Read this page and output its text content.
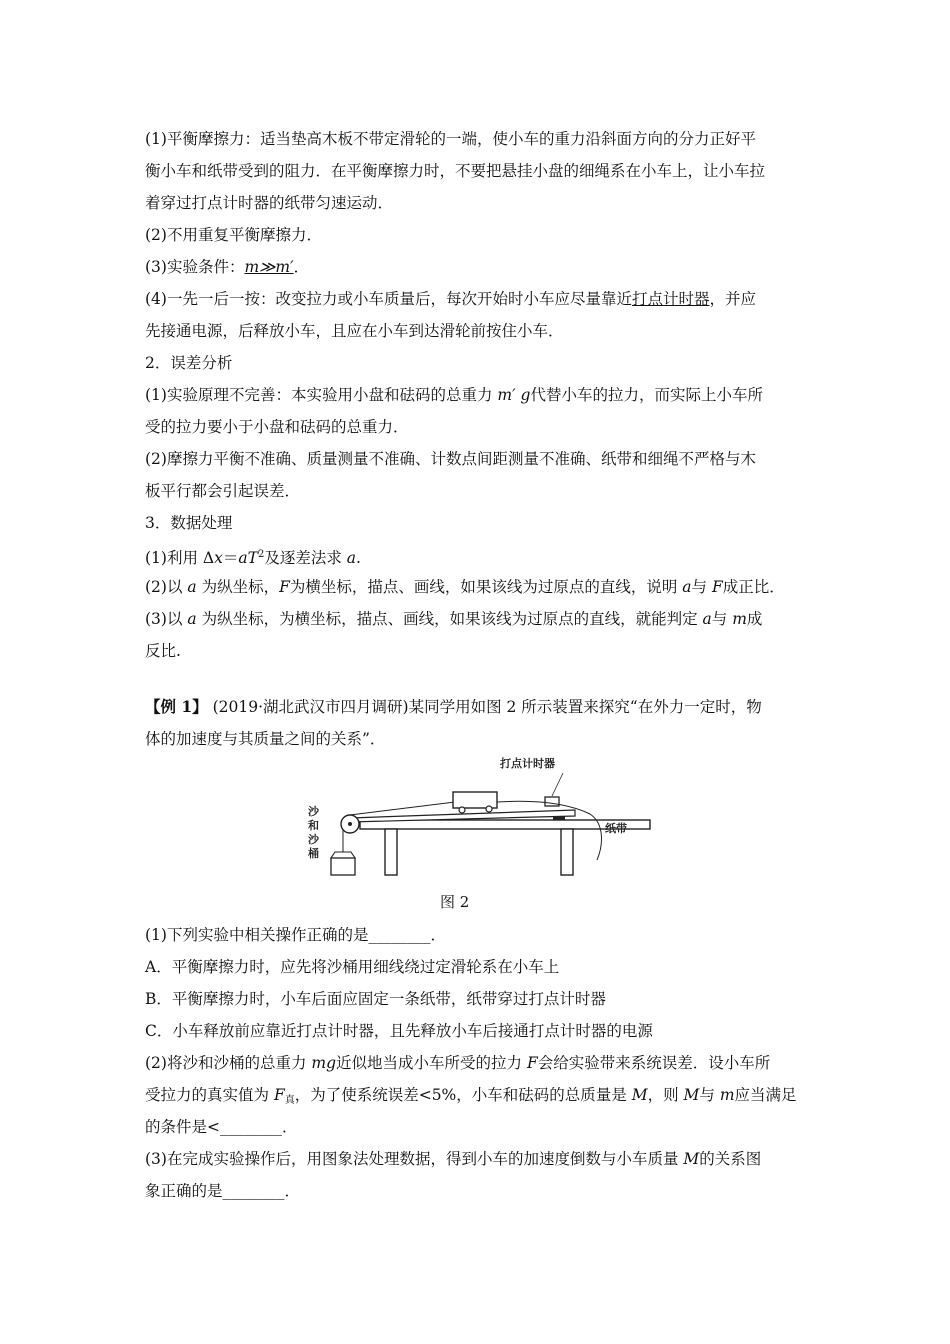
(1)平衡摩擦力：适当垫高木板不带定滑轮的一端，使小车的重力沿斜面方向的分力正好平
衡小车和纸带受到的阻力．在平衡摩擦力时，不要把悬挂小盘的细绳系在小车上，让小车拉
着穿过打点计时器的纸带匀速运动．
(2)不用重复平衡摩擦力．
(3)实验条件：m≫m′．
(4)一先一后一按：改变拉力或小车质量后，每次开始时小车应尽量靠近打点计时器，并应
先接通电源，后释放小车，且应在小车到达滑轮前按住小车．
2．误差分析
(1)实验原理不完善：本实验用小盘和砝码的总重力 m′ g代替小车的拉力，而实际上小车所
受的拉力要小于小盘和砝码的总重力．
(2)摩擦力平衡不准确、质量测量不准确、计数点间距测量不准确、纸带和细绳不严格与木
板平行都会引起误差．
3．数据处理
(1)利用 $\Delta x=aT^2$及逐差法求 a.
(2)以 a 为纵坐标，F为横坐标，描点、画线，如果该线为过原点的直线，说明 a与 F成正比．
(3)以 a 为纵坐标，为横坐标，描点、画线，如果该线为过原点的直线，就能判定 a与 m成
反比.
【例 1】 (2019·湖北武汉市四月调研)某同学用如图 2 所示装置来探究“在外力一定时，物
体的加速度与其质量之间的关系”．
打点计时器
沙
和
沙
桶
纸带
图 2
(1)下列实验中相关操作正确的是________．
A．平衡摩擦力时，应先将沙桶用细线绕过定滑轮系在小车上
B．平衡摩擦力时，小车后面应固定一条纸带，纸带穿过打点计时器
C．小车释放前应靠近打点计时器，且先释放小车后接通打点计时器的电源
(2)将沙和沙桶的总重力 mg近似地当成小车所受的拉力 F会给实验带来系统误差．设小车所
受拉力的真实值为 $F_真$，为了使系统误差<5%，小车和砝码的总质量是 M，则 M与 m应当满足
的条件是<________．
(3)在完成实验操作后，用图象法处理数据，得到小车的加速度倒数与小车质量 M的关系图
象正确的是________．
